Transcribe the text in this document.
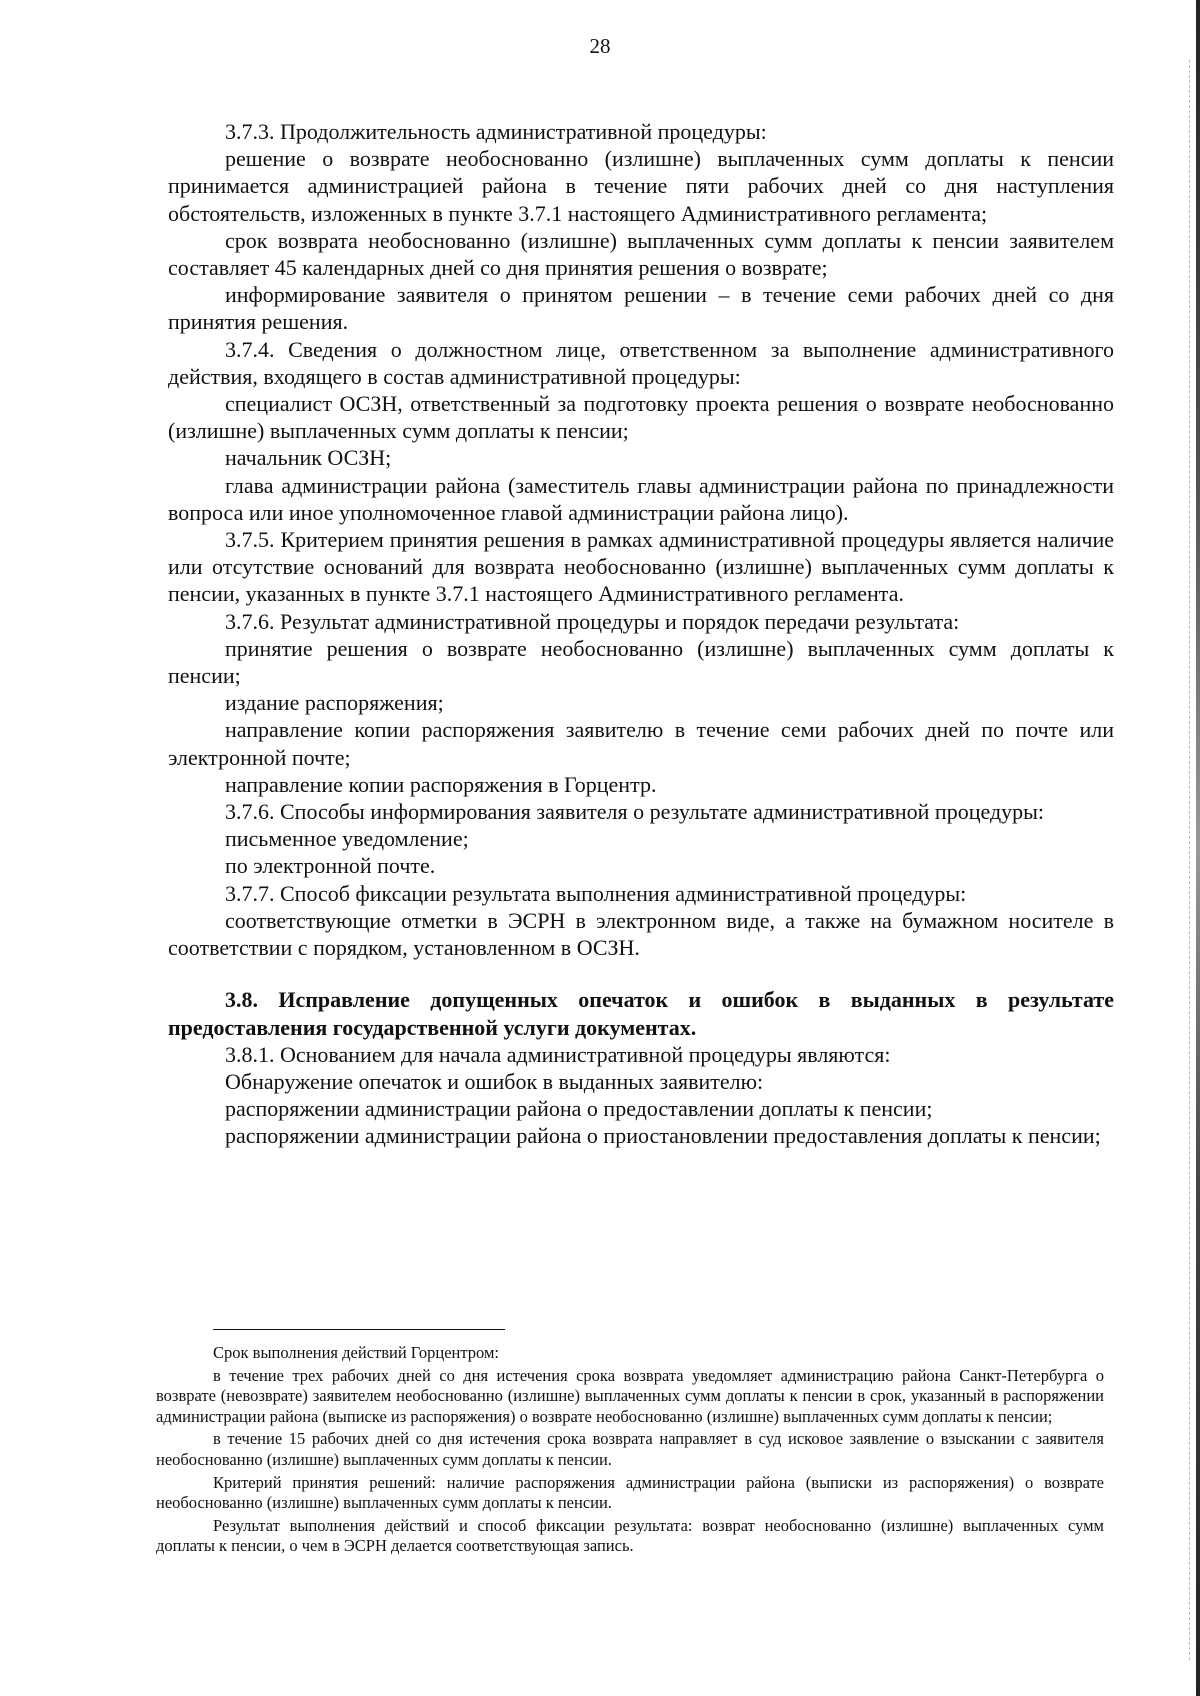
28

3.7.3. Продолжительность административной процедуры:

решение о возврате необоснованно (излишне) выплаченных сумм доплаты к пенсии принимается администрацией района в течение пяти рабочих дней со дня наступления обстоятельств, изложенных в пункте 3.7.1 настоящего Административного регламента;

срок возврата необоснованно (излишне) выплаченных сумм доплаты к пенсии заявителем составляет 45 календарных дней со дня принятия решения о возврате;

информирование заявителя о принятом решении – в течение семи рабочих дней со дня принятия решения.

3.7.4. Сведения о должностном лице, ответственном за выполнение административного действия, входящего в состав административной процедуры:

специалист ОСЗН, ответственный за подготовку проекта решения о возврате необоснованно (излишне) выплаченных сумм доплаты к пенсии;

начальник ОСЗН;

глава администрации района (заместитель главы администрации района по принадлежности вопроса или иное уполномоченное главой администрации района лицо).

3.7.5. Критерием принятия решения в рамках административной процедуры является наличие или отсутствие оснований для возврата необоснованно (излишне) выплаченных сумм доплаты к пенсии, указанных в пункте 3.7.1 настоящего Административного регламента.

3.7.6. Результат административной процедуры и порядок передачи результата:

принятие решения о возврате необоснованно (излишне) выплаченных сумм доплаты к пенсии;

издание распоряжения;

направление копии распоряжения заявителю в течение семи рабочих дней по почте или электронной почте;

направление копии распоряжения в Горцентр.

3.7.6. Способы информирования заявителя о результате административной процедуры:

письменное уведомление;

по электронной почте.

3.7.7. Способ фиксации результата выполнения административной процедуры:

соответствующие отметки в ЭСРН в электронном виде, а также на бумажном носителе в соответствии с порядком, установленном в ОСЗН.

3.8. Исправление допущенных опечаток и ошибок в выданных в результате предоставления государственной услуги документах.

3.8.1. Основанием для начала административной процедуры являются:

Обнаружение опечаток и ошибок в выданных заявителю:

распоряжении администрации района о предоставлении доплаты к пенсии;

распоряжении администрации района о приостановлении предоставления доплаты к пенсии;

Срок выполнения действий Горцентром:

в течение трех рабочих дней со дня истечения срока возврата уведомляет администрацию района Санкт-Петербурга о возврате (невозврате) заявителем необоснованно (излишне) выплаченных сумм доплаты к пенсии в срок, указанный в распоряжении администрации района (выписке из распоряжения) о возврате необоснованно (излишне) выплаченных сумм доплаты к пенсии;

в течение 15 рабочих дней со дня истечения срока возврата направляет в суд исковое заявление о взыскании с заявителя необоснованно (излишне) выплаченных сумм доплаты к пенсии.

Критерий принятия решений: наличие распоряжения администрации района (выписки из распоряжения) о возврате необоснованно (излишне) выплаченных сумм доплаты к пенсии.

Результат выполнения действий и способ фиксации результата: возврат необоснованно (излишне) выплаченных сумм доплаты к пенсии, о чем в ЭСРН делается соответствующая запись.
